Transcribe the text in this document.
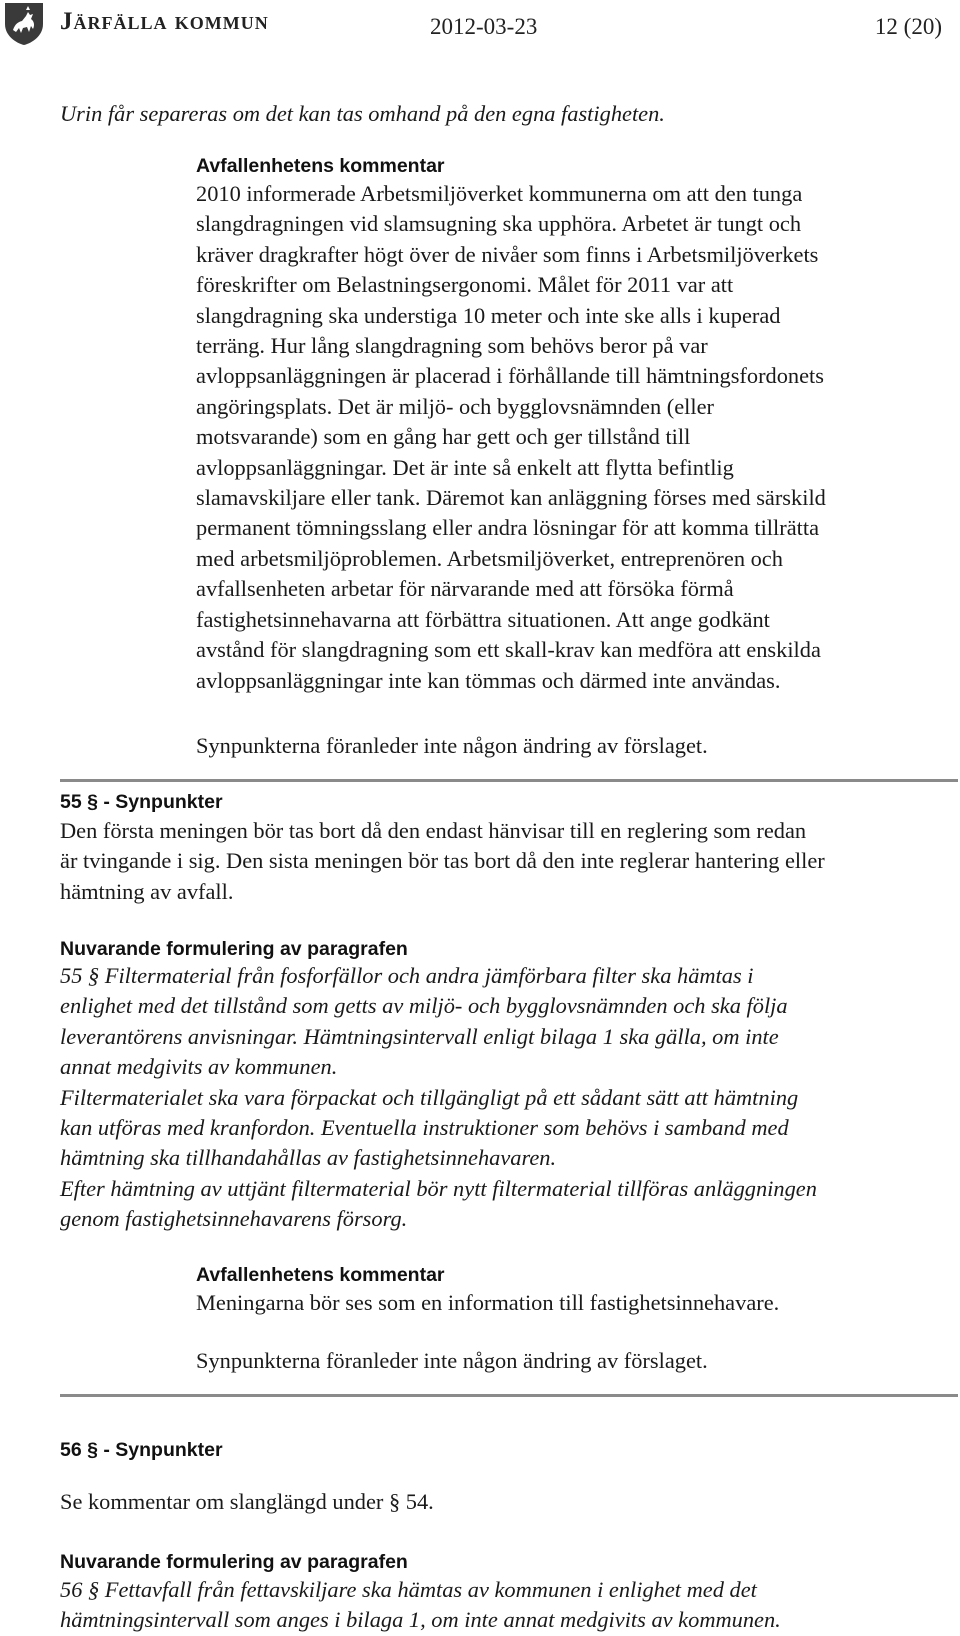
Järfälla kommun	2012-03-23	12 (20)

Urin får separeras om det kan tas omhand på den egna fastigheten.

Avfallenhetens kommentar

2010 informerade Arbetsmiljöverket kommunerna om att den tunga
slangdragningen vid slamsugning ska upphöra. Arbetet är tungt och
kräver dragkrafter högt över de nivåer som finns i Arbetsmiljöverkets
föreskrifter om Belastningsergonomi. Målet för 2011 var att
slangdragning ska understiga 10 meter och inte ske alls i kuperad
terräng. Hur lång slangdragning som behövs beror på var
avloppsanläggningen är placerad i förhållande till hämtningsfordonets
angöringsplats. Det är miljö- och bygglovsnämnden (eller
motsvarande) som en gång har gett och ger tillstånd till
avloppsanläggningar. Det är inte så enkelt att flytta befintlig
slamavskiljare eller tank. Däremot kan anläggning förses med särskild
permanent tömningsslang eller andra lösningar för att komma tillrätta
med arbetsmiljöproblemen. Arbetsmiljöverket, entreprenören och
avfallsenheten arbetar för närvarande med att försöka förmå
fastighetsinnehavarna att förbättra situationen. Att ange godkänt
avstånd för slangdragning som ett skall-krav kan medföra att enskilda
avloppsanläggningar inte kan tömmas och därmed inte användas.

Synpunkterna föranleder inte någon ändring av förslaget.

55 § - Synpunkter

Den första meningen bör tas bort då den endast hänvisar till en reglering som redan
är tvingande i sig. Den sista meningen bör tas bort då den inte reglerar hantering eller
hämtning av avfall.

Nuvarande formulering av paragrafen

55 § Filtermaterial från fosforfällor och andra jämförbara filter ska hämtas i
enlighet med det tillstånd som getts av miljö- och bygglovsnämnden och ska följa
leverantörens anvisningar. Hämtningsintervall enligt bilaga 1 ska gälla, om inte
annat medgivits av kommunen.
Filtermaterialet ska vara förpackat och tillgängligt på ett sådant sätt att hämtning
kan utföras med kranfordon. Eventuella instruktioner som behövs i samband med
hämtning ska tillhandahållas av fastighetsinnehavaren.
Efter hämtning av uttjänt filtermaterial bör nytt filtermaterial tillföras anläggningen
genom fastighetsinnehavarens försorg.

Avfallenhetens kommentar

Meningarna bör ses som en information till fastighetsinnehavare.

Synpunkterna föranleder inte någon ändring av förslaget.

56 § - Synpunkter

Se kommentar om slanglängd under § 54.

Nuvarande formulering av paragrafen

56 § Fettavfall från fettavskiljare ska hämtas av kommunen i enlighet med det
hämtningsintervall som anges i bilaga 1, om inte annat medgivits av kommunen.
